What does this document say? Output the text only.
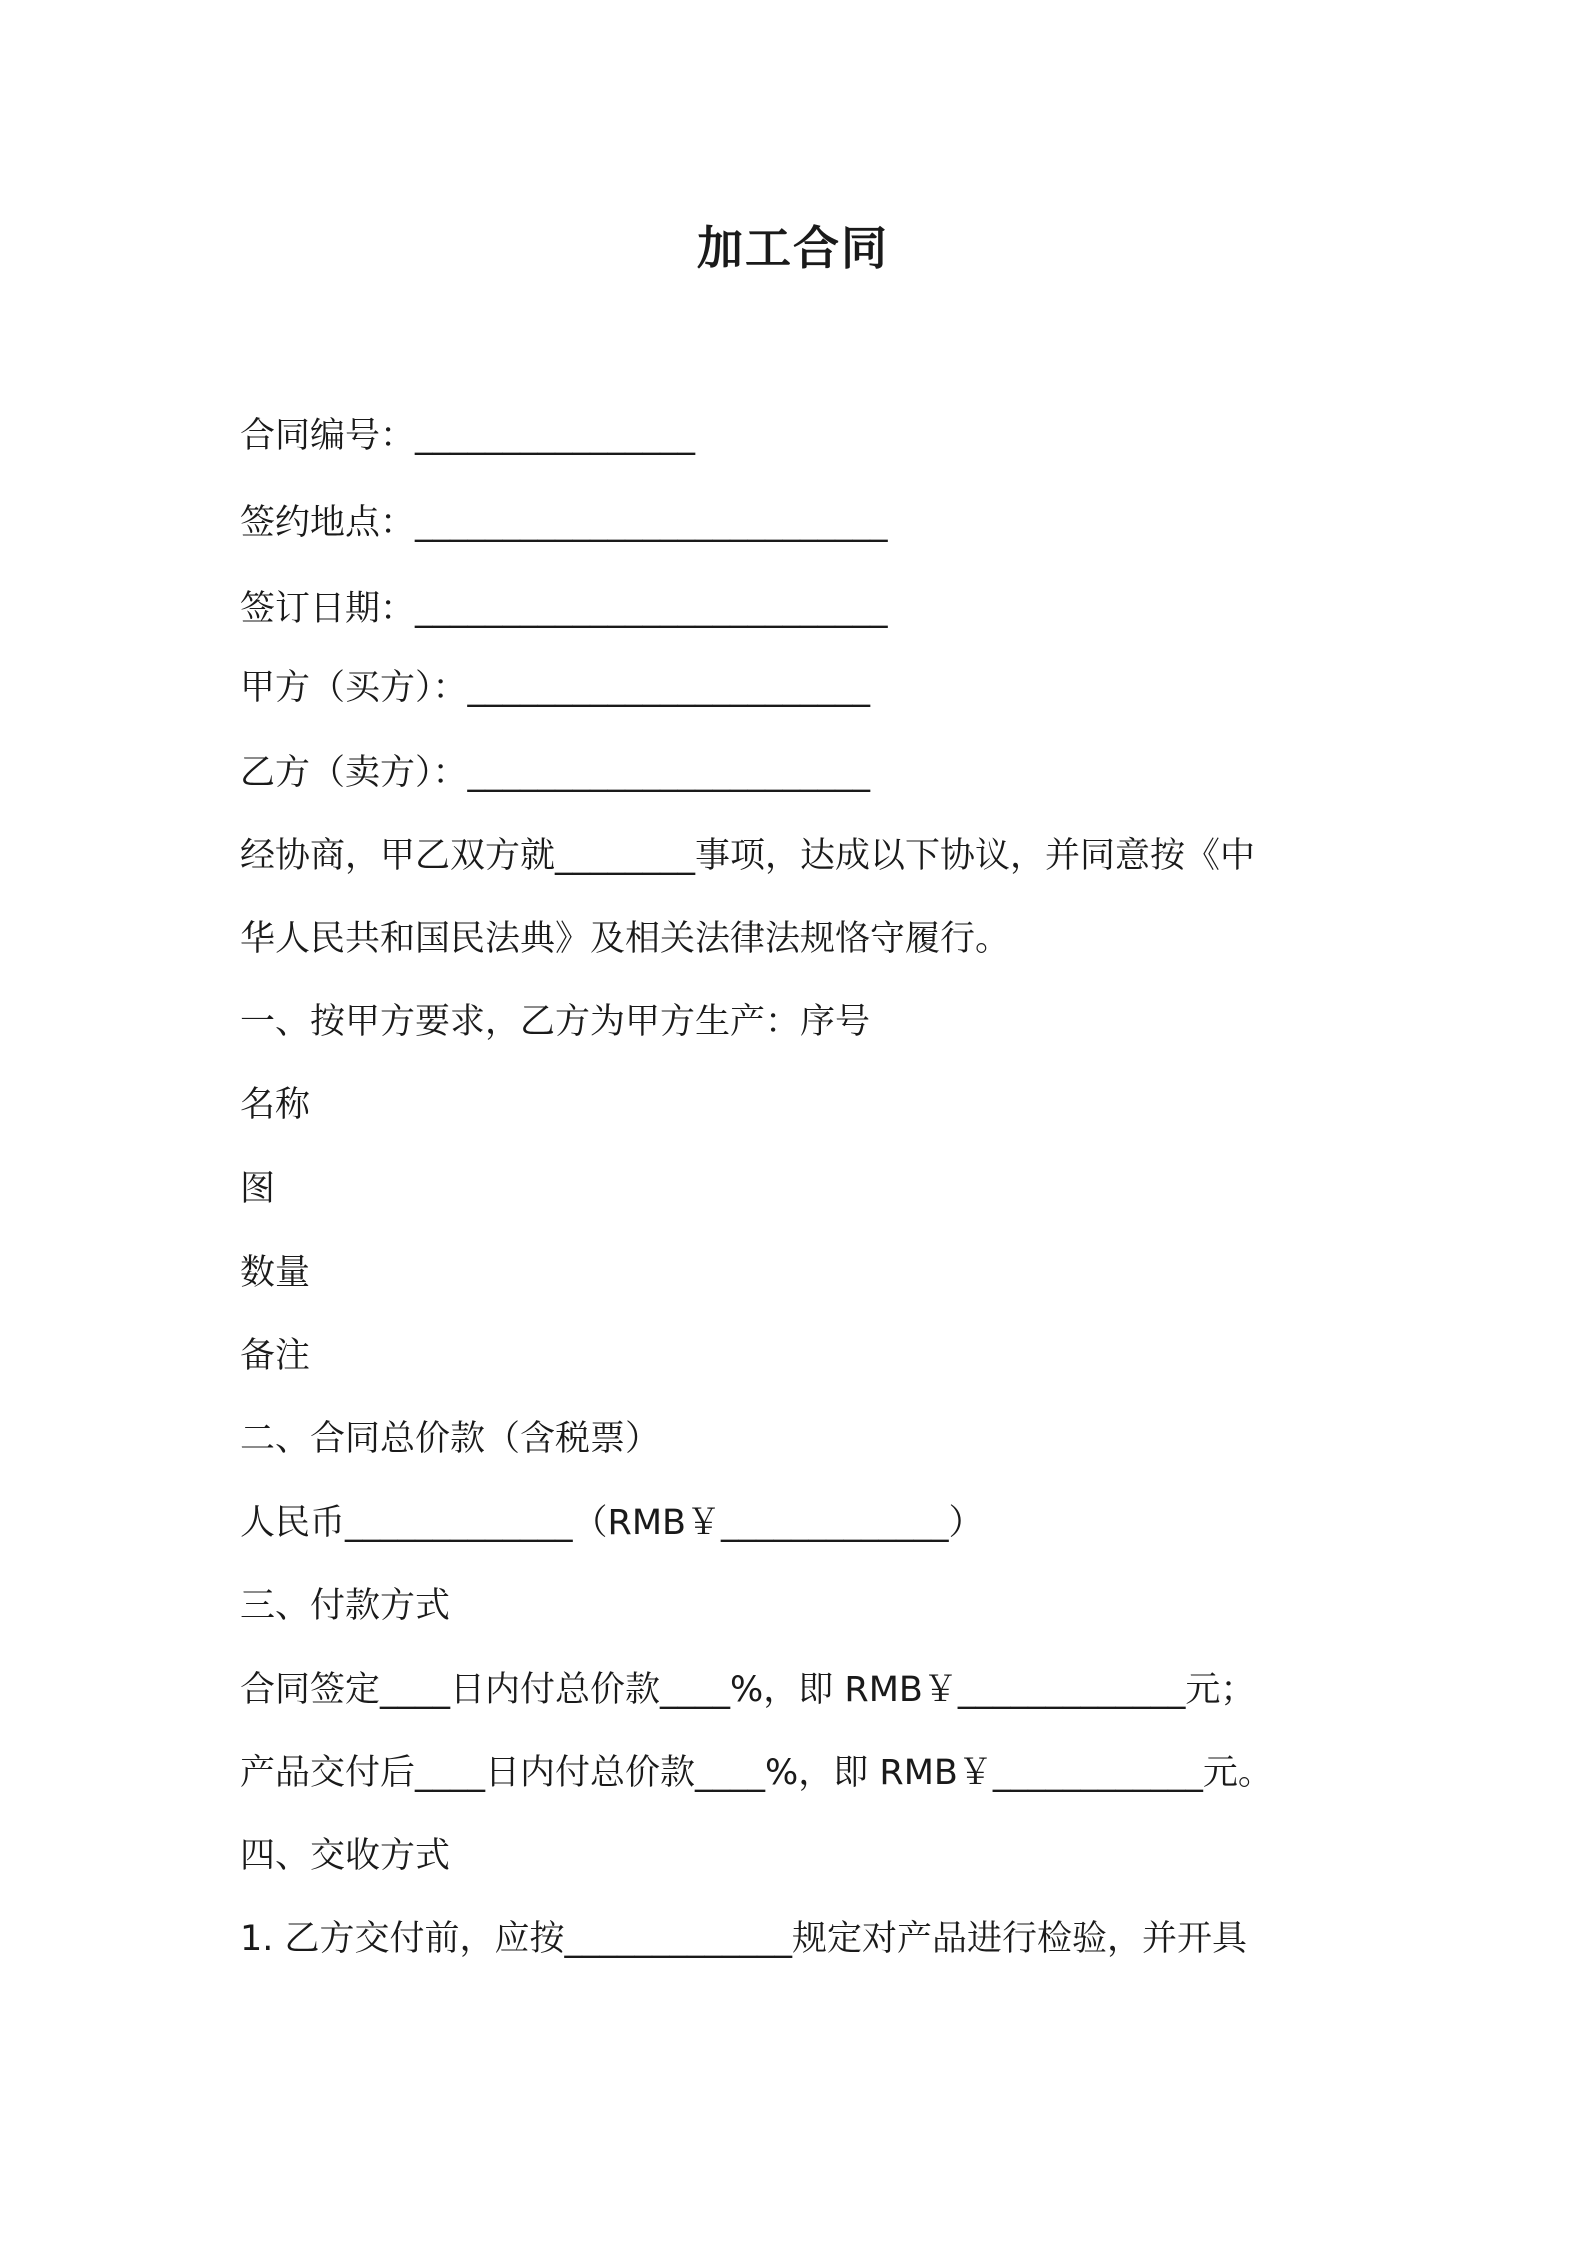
加工合同
合同编号：________________
签约地点：___________________________
签订日期：___________________________
甲方（买方）：_______________________
乙方（卖方）：_______________________
经协商，甲乙双方就________事项，达成以下协议，并同意按《中
华人民共和国民法典》及相关法律法规恪守履行。
一、按甲方要求，乙方为甲方生产：序号
名称
图
数量
备注
二、合同总价款（含税票）
人民币_____________（RMB￥_____________）
三、付款方式
合同签定____日内付总价款____%，即 RMB￥_____________元；
产品交付后____日内付总价款____%，即 RMB￥____________元。
四、交收方式
1. 乙方交付前，应按_____________规定对产品进行检验，并开具
